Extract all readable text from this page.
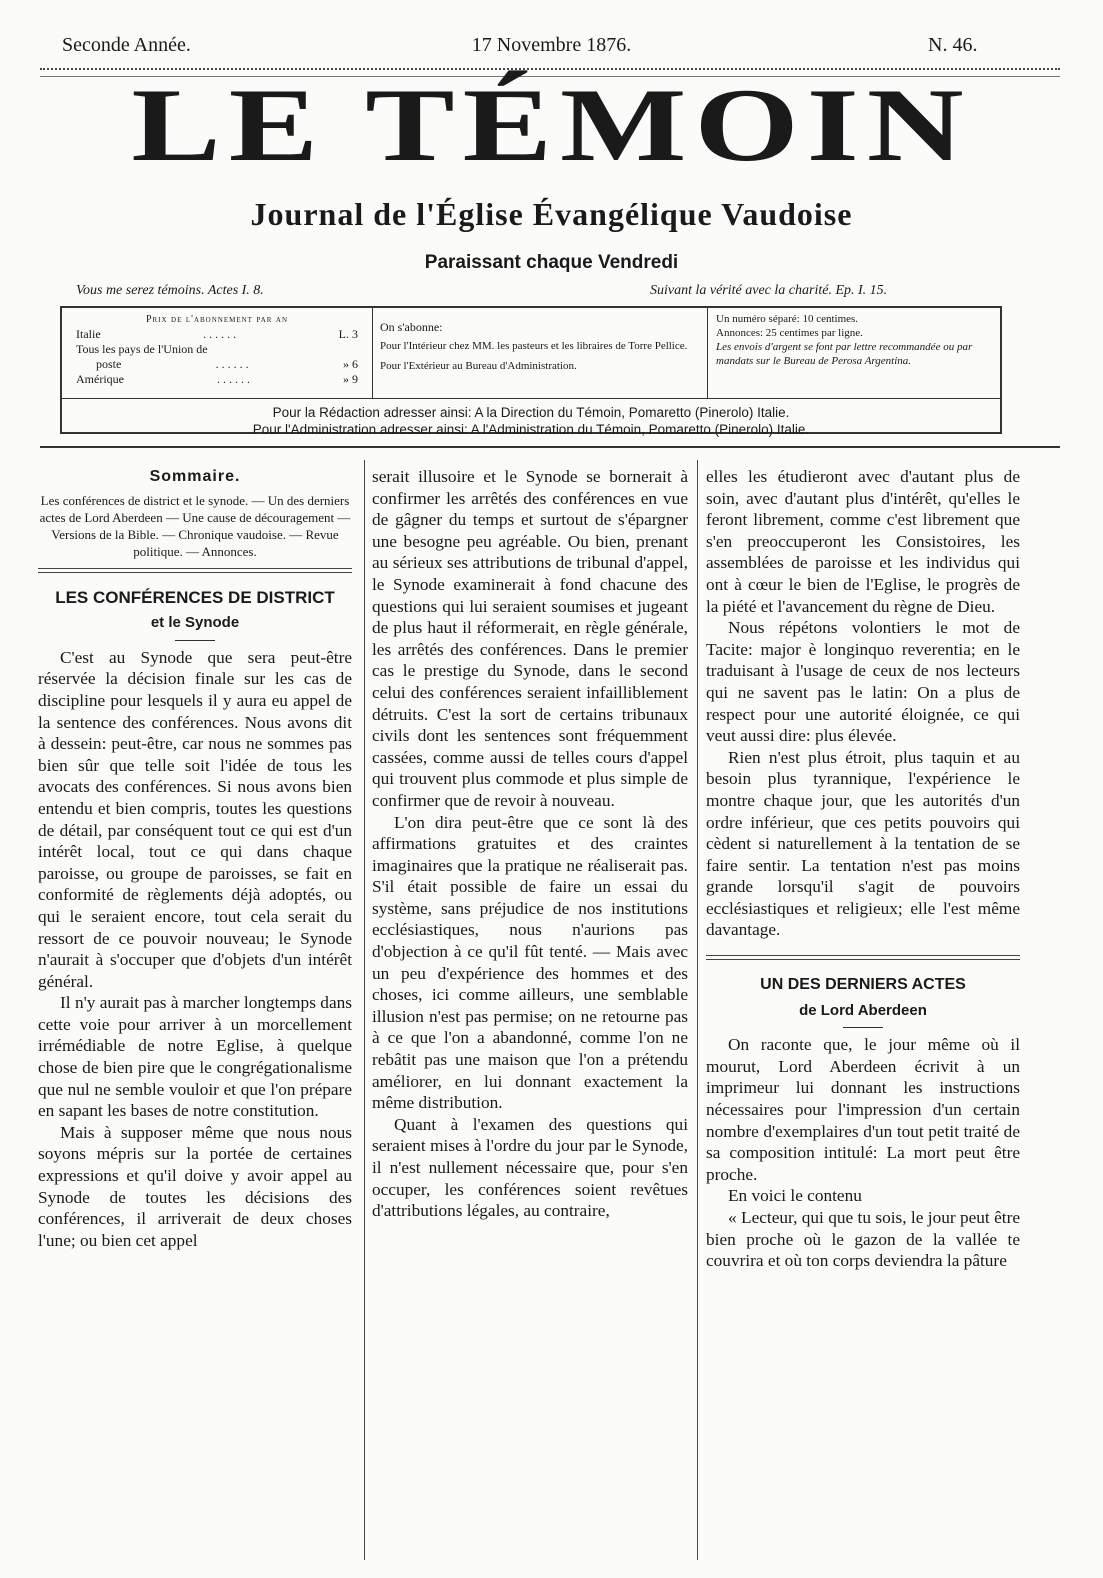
Seconde Année.	17 Novembre 1876.	N. 46.
LE TÉMOIN
Journal de l'Église Évangélique Vaudoise
Paraissant chaque Vendredi
Vous me serez témoins. Actes I. 8.	Suivant la vérité avec la charité. Ep. I. 15.
Prix de l'abonnement par an
Italie	. . . . . .	L. 3
Tous les pays de l'Union de
poste	. . . . . .	» 6
Amérique	. . . . . .	» 9
On s'abonne:
Pour l'Intérieur chez MM. les pasteurs et les libraires de Torre Pellice.
Pour l'Extérieur au Bureau d'Administration.
Un numéro séparé: 10 centimes.
Annonces: 25 centimes par ligne.
Les envois d'argent se font par lettre recommandée ou par mandats sur le Bureau de Perosa Argentina.
Pour la Rédaction adresser ainsi: A la Direction du Témoin, Pomaretto (Pinerolo) Italie.
Pour l'Administration adresser ainsi: A l'Administration du Témoin, Pomaretto (Pinerolo) Italie.
Sommaire.
Les conférences de district et le synode. — Un des derniers actes de Lord Aberdeen — Une cause de découragement — Versions de la Bible. — Chronique vaudoise. — Revue politique. — Annonces.
LES CONFÉRENCES DE DISTRICT
et le Synode

C'est au Synode que sera peut-être réservée la décision finale sur les cas de discipline pour lesquels il y aura eu appel de la sentence des conférences. Nous avons dit à dessein: peut-être, car nous ne sommes pas bien sûr que telle soit l'idée de tous les avocats des conférences. Si nous avons bien entendu et bien compris, toutes les questions de détail, par conséquent tout ce qui est d'un intérêt local, tout ce qui dans chaque paroisse, ou groupe de paroisses, se fait en conformité de règlements déjà adoptés, ou qui le seraient encore, tout cela serait du ressort de ce pouvoir nouveau; le Synode n'aurait à s'occuper que d'objets d'un intérêt général.

Il n'y aurait pas à marcher longtemps dans cette voie pour arriver à un morcellement irrémédiable de notre Eglise, à quelque chose de bien pire que le congrégationalisme que nul ne semble vouloir et que l'on prépare en sapant les bases de notre constitution.

Mais à supposer même que nous nous soyons mépris sur la portée de certaines expressions et qu'il doive y avoir appel au Synode de toutes les décisions des conférences, il arriverait de deux choses l'une; ou bien cet appel

serait illusoire et le Synode se bornerait à confirmer les arrêtés des conférences en vue de gâgner du temps et surtout de s'épargner une besogne peu agréable. Ou bien, prenant au sérieux ses attributions de tribunal d'appel, le Synode examinerait à fond chacune des questions qui lui seraient soumises et jugeant de plus haut il réformerait, en règle générale, les arrêtés des conférences. Dans le premier cas le prestige du Synode, dans le second celui des conférences seraient infailliblement détruits. C'est la sort de certains tribunaux civils dont les sentences sont fréquemment cassées, comme aussi de telles cours d'appel qui trouvent plus commode et plus simple de confirmer que de revoir à nouveau.

L'on dira peut-être que ce sont là des affirmations gratuites et des craintes imaginaires que la pratique ne réaliserait pas. S'il était possible de faire un essai du système, sans préjudice de nos institutions ecclésiastiques, nous n'aurions pas d'objection à ce qu'il fût tenté. — Mais avec un peu d'expérience des hommes et des choses, ici comme ailleurs, une semblable illusion n'est pas permise; on ne retourne pas à ce que l'on a abandonné, comme l'on ne rebâtit pas une maison que l'on a prétendu améliorer, en lui donnant exactement la même distribution.

Quant à l'examen des questions qui seraient mises à l'ordre du jour par le Synode, il n'est nullement nécessaire que, pour s'en occuper, les conférences soient revêtues d'attributions légales, au contraire,

elles les étudieront avec d'autant plus de soin, avec d'autant plus d'intérêt, qu'elles le feront librement, comme c'est librement que s'en preoccuperont les Consistoires, les assemblées de paroisse et les individus qui ont à cœur le bien de l'Eglise, le progrès de la piété et l'avancement du règne de Dieu.

Nous répétons volontiers le mot de Tacite: major è longinquo reverentia; en le traduisant à l'usage de ceux de nos lecteurs qui ne savent pas le latin: On a plus de respect pour une autorité éloignée, ce qui veut aussi dire: plus élevée.

Rien n'est plus étroit, plus taquin et au besoin plus tyrannique, l'expérience le montre chaque jour, que les autorités d'un ordre inférieur, que ces petits pouvoirs qui cèdent si naturellement à la tentation de se faire sentir. La tentation n'est pas moins grande lorsqu'il s'agit de pouvoirs ecclésiastiques et religieux; elle l'est même davantage.

UN DES DERNIERS ACTES
de Lord Aberdeen

On raconte que, le jour même où il mourut, Lord Aberdeen écrivit à un imprimeur lui donnant les instructions nécessaires pour l'impression d'un certain nombre d'exemplaires d'un tout petit traité de sa composition intitulé: La mort peut être proche.

En voici le contenu

« Lecteur, qui que tu sois, le jour peut être bien proche où le gazon de la vallée te couvrira et où ton corps deviendra la pâture
